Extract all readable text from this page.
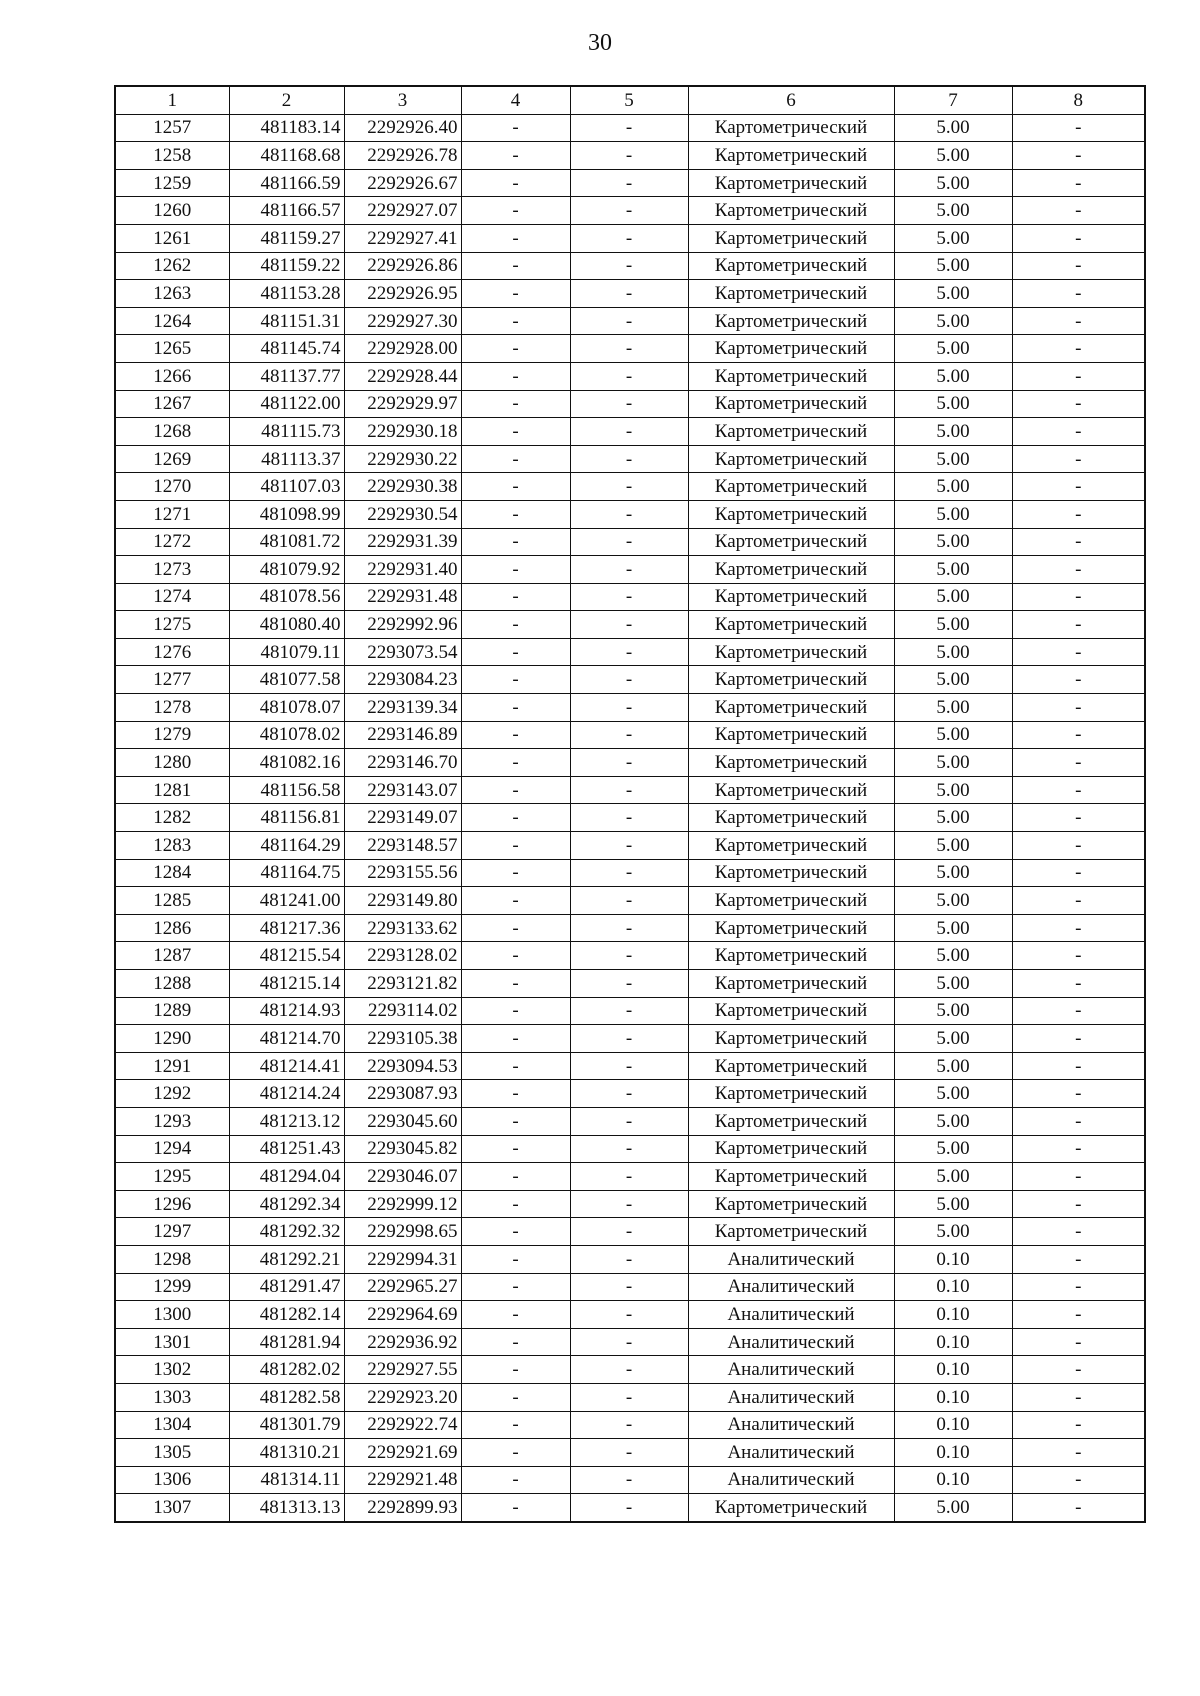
30
1	2	3	4	5	6	7	8
1257	481183.14	2292926.40	-	-	Картометрический	5.00	-
1258	481168.68	2292926.78	-	-	Картометрический	5.00	-
1259	481166.59	2292926.67	-	-	Картометрический	5.00	-
1260	481166.57	2292927.07	-	-	Картометрический	5.00	-
1261	481159.27	2292927.41	-	-	Картометрический	5.00	-
1262	481159.22	2292926.86	-	-	Картометрический	5.00	-
1263	481153.28	2292926.95	-	-	Картометрический	5.00	-
1264	481151.31	2292927.30	-	-	Картометрический	5.00	-
1265	481145.74	2292928.00	-	-	Картометрический	5.00	-
1266	481137.77	2292928.44	-	-	Картометрический	5.00	-
1267	481122.00	2292929.97	-	-	Картометрический	5.00	-
1268	481115.73	2292930.18	-	-	Картометрический	5.00	-
1269	481113.37	2292930.22	-	-	Картометрический	5.00	-
1270	481107.03	2292930.38	-	-	Картометрический	5.00	-
1271	481098.99	2292930.54	-	-	Картометрический	5.00	-
1272	481081.72	2292931.39	-	-	Картометрический	5.00	-
1273	481079.92	2292931.40	-	-	Картометрический	5.00	-
1274	481078.56	2292931.48	-	-	Картометрический	5.00	-
1275	481080.40	2292992.96	-	-	Картометрический	5.00	-
1276	481079.11	2293073.54	-	-	Картометрический	5.00	-
1277	481077.58	2293084.23	-	-	Картометрический	5.00	-
1278	481078.07	2293139.34	-	-	Картометрический	5.00	-
1279	481078.02	2293146.89	-	-	Картометрический	5.00	-
1280	481082.16	2293146.70	-	-	Картометрический	5.00	-
1281	481156.58	2293143.07	-	-	Картометрический	5.00	-
1282	481156.81	2293149.07	-	-	Картометрический	5.00	-
1283	481164.29	2293148.57	-	-	Картометрический	5.00	-
1284	481164.75	2293155.56	-	-	Картометрический	5.00	-
1285	481241.00	2293149.80	-	-	Картометрический	5.00	-
1286	481217.36	2293133.62	-	-	Картометрический	5.00	-
1287	481215.54	2293128.02	-	-	Картометрический	5.00	-
1288	481215.14	2293121.82	-	-	Картометрический	5.00	-
1289	481214.93	2293114.02	-	-	Картометрический	5.00	-
1290	481214.70	2293105.38	-	-	Картометрический	5.00	-
1291	481214.41	2293094.53	-	-	Картометрический	5.00	-
1292	481214.24	2293087.93	-	-	Картометрический	5.00	-
1293	481213.12	2293045.60	-	-	Картометрический	5.00	-
1294	481251.43	2293045.82	-	-	Картометрический	5.00	-
1295	481294.04	2293046.07	-	-	Картометрический	5.00	-
1296	481292.34	2292999.12	-	-	Картометрический	5.00	-
1297	481292.32	2292998.65	-	-	Картометрический	5.00	-
1298	481292.21	2292994.31	-	-	Аналитический	0.10	-
1299	481291.47	2292965.27	-	-	Аналитический	0.10	-
1300	481282.14	2292964.69	-	-	Аналитический	0.10	-
1301	481281.94	2292936.92	-	-	Аналитический	0.10	-
1302	481282.02	2292927.55	-	-	Аналитический	0.10	-
1303	481282.58	2292923.20	-	-	Аналитический	0.10	-
1304	481301.79	2292922.74	-	-	Аналитический	0.10	-
1305	481310.21	2292921.69	-	-	Аналитический	0.10	-
1306	481314.11	2292921.48	-	-	Аналитический	0.10	-
1307	481313.13	2292899.93	-	-	Картометрический	5.00	-
